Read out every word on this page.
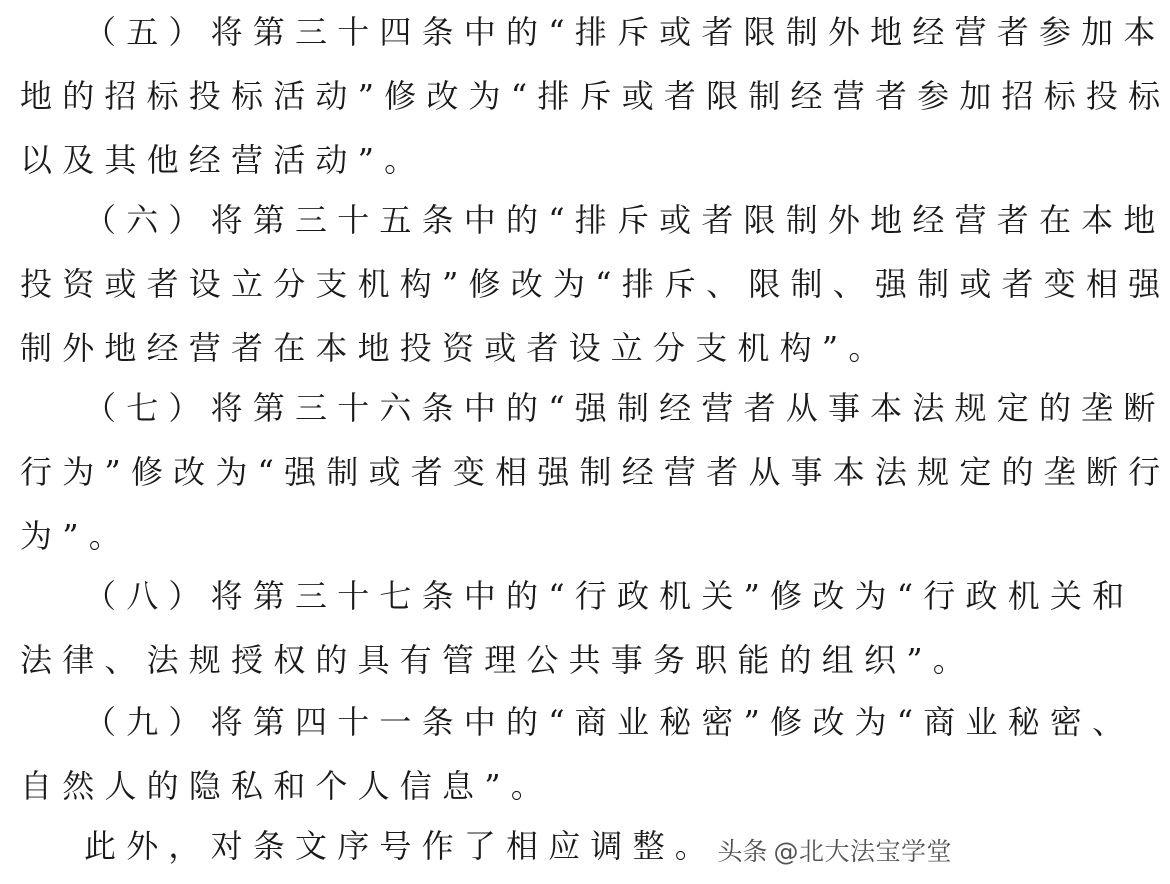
（五）将第三十四条中的“排斥或者限制外地经营者参加本
地的招标投标活动”修改为“排斥或者限制经营者参加招标投标
以及其他经营活动”。
（六）将第三十五条中的“排斥或者限制外地经营者在本地
投资或者设立分支机构”修改为“排斥、限制、强制或者变相强
制外地经营者在本地投资或者设立分支机构”。
（七）将第三十六条中的“强制经营者从事本法规定的垄断
行为”修改为“强制或者变相强制经营者从事本法规定的垄断行
为”。
（八）将第三十七条中的“行政机关”修改为“行政机关和
法律、法规授权的具有管理公共事务职能的组织”。
（九）将第四十一条中的“商业秘密”修改为“商业秘密、
自然人的隐私和个人信息”。
此外，对条文序号作了相应调整。 头条 @北大法宝学堂
